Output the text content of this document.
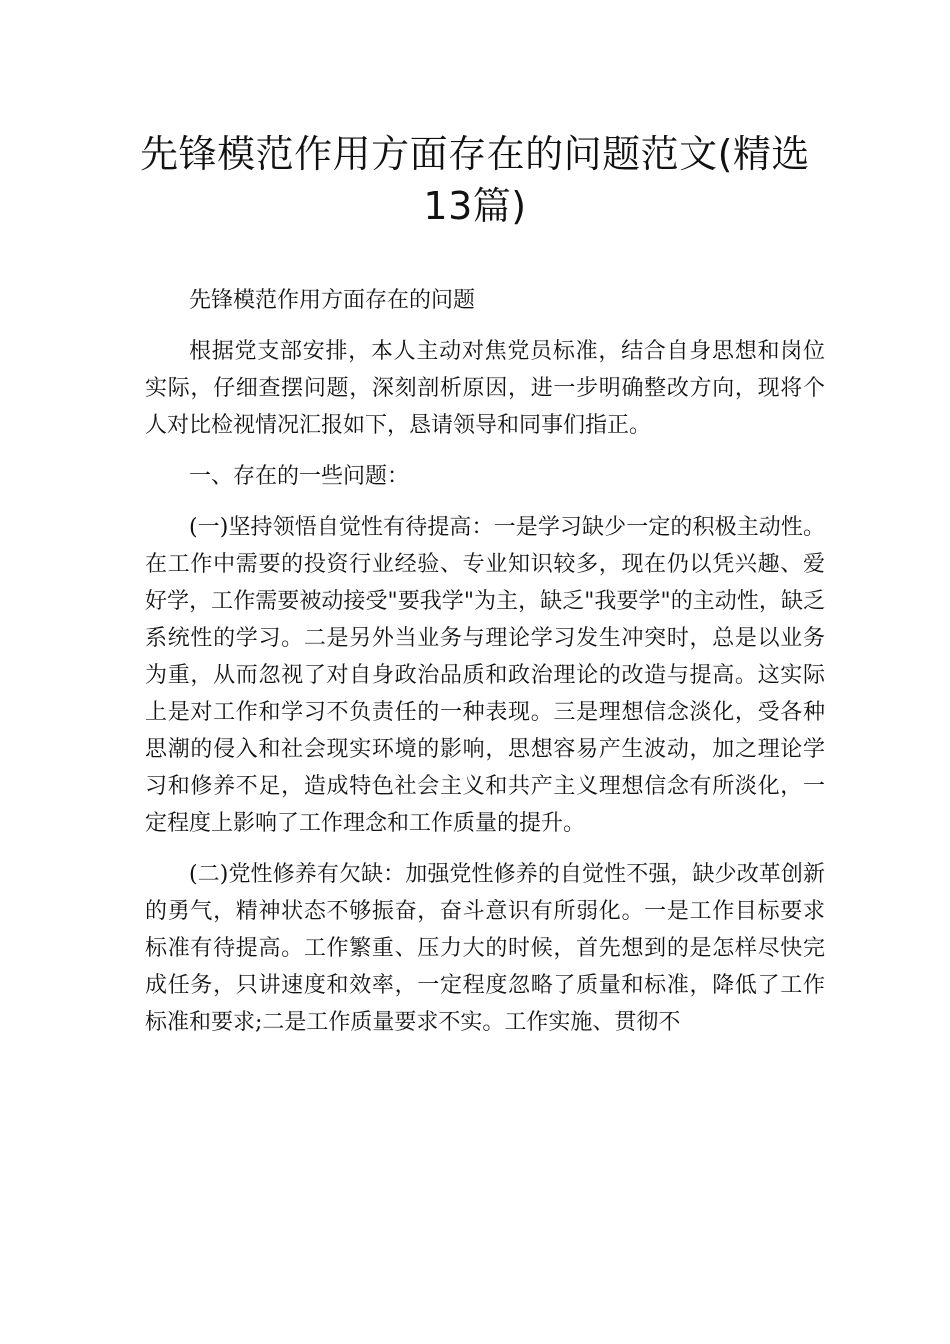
先锋模范作用方面存在的问题范文(精选13篇)

先锋模范作用方面存在的问题

根据党支部安排，本人主动对焦党员标准，结合自身思想和岗位实际，仔细查摆问题，深刻剖析原因，进一步明确整改方向，现将个人对比检视情况汇报如下，恳请领导和同事们指正。

一、存在的一些问题：

(一)坚持领悟自觉性有待提高：一是学习缺少一定的积极主动性。在工作中需要的投资行业经验、专业知识较多，现在仍以凭兴趣、爱好学，工作需要被动接受"要我学"为主，缺乏"我要学"的主动性，缺乏系统性的学习。二是另外当业务与理论学习发生冲突时，总是以业务为重，从而忽视了对自身政治品质和政治理论的改造与提高。这实际上是对工作和学习不负责任的一种表现。三是理想信念淡化，受各种思潮的侵入和社会现实环境的影响，思想容易产生波动，加之理论学习和修养不足，造成特色社会主义和共产主义理想信念有所淡化，一定程度上影响了工作理念和工作质量的提升。

(二)党性修养有欠缺：加强党性修养的自觉性不强，缺少改革创新的勇气，精神状态不够振奋，奋斗意识有所弱化。一是工作目标要求标准有待提高。工作繁重、压力大的时候，首先想到的是怎样尽快完成任务，只讲速度和效率，一定程度忽略了质量和标准，降低了工作标准和要求;二是工作质量要求不实。工作实施、贯彻不
